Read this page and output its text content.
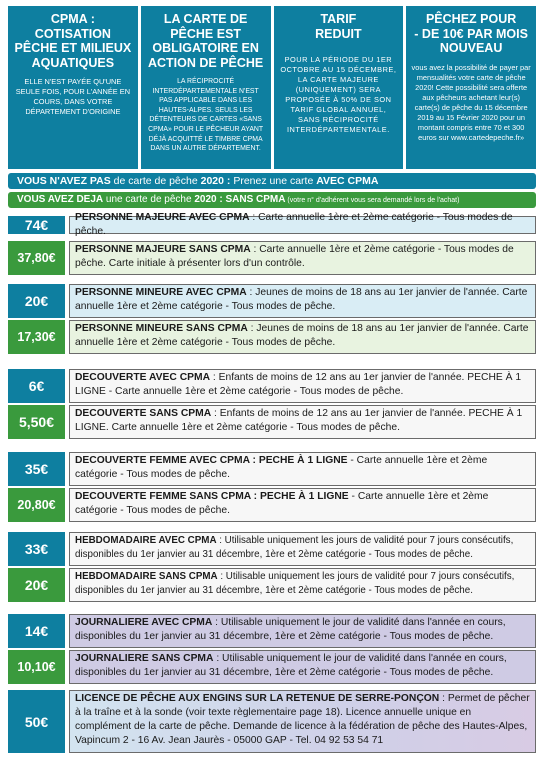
CPMA :
COTISATION
PÊCHE ET MILIEUX
AQUATIQUES

ELLE N'EST PAYÉE QU'UNE SEULE FOIS, POUR L'ANNÉE EN COURS, DANS VOTRE DÉPARTEMENT D'ORIGINE

LA CARTE DE
PÊCHE EST
OBLIGATOIRE EN
ACTION DE PÊCHE

LA RÉCIPROCITÉ INTERDÉPARTEMENTALE N'EST PAS APPLICABLE DANS LES HAUTES-ALPES. SEULS LES DÉTENTEURS DE CARTES «SANS CPMA» POUR LE PÊCHEUR AYANT DÉJÀ ACQUITTÉ LE TIMBRE CPMA DANS UN AUTRE DÉPARTEMENT.

TARIF
REDUIT

POUR LA PÉRIODE DU 1ER OCTOBRE AU 15 DÉCEMBRE, LA CARTE MAJEURE (UNIQUEMENT) SERA PROPOSÉE À 50% DE SON TARIF GLOBAL ANNUEL, SANS RÉCIPROCITÉ INTERDÉPARTEMENTALE.

PÊCHEZ POUR
- DE 10€ PAR MOIS
NOUVEAU

vous avez la possibilité de payer par mensualités votre carte de pêche 2020! Cette possibilité sera offerte aux pêcheurs achetant leur(s) carte(s) de pêche du 15 décembre 2019 au 15 Février 2020 pour un montant compris entre 70 et 300 euros sur www.cartedepeche.fr»

VOUS N'AVEZ PAS de carte de pêche 2020 : Prenez une carte AVEC CPMA
VOUS AVEZ DEJA une carte de pêche 2020 : SANS CPMA (votre n° d'adhérent vous sera demandé lors de l'achat)
74€	PERSONNE MAJEURE AVEC CPMA : Carte annuelle 1ère et 2ème catégorie - Tous modes de pêche.
37,80€
PERSONNE MAJEURE SANS CPMA : Carte annuelle 1ère et 2ème catégorie - Tous modes de pêche. Carte initiale à présenter lors d'un contrôle.
20€
PERSONNE MINEURE AVEC CPMA : Jeunes de moins de 18 ans au 1er janvier de l'année. Carte annuelle 1ère et 2ème catégorie - Tous modes de pêche.
17,30€
PERSONNE MINEURE SANS CPMA : Jeunes de moins de 18 ans au 1er janvier de l'année. Carte annuelle 1ère et 2ème catégorie - Tous modes de pêche.
6€
DECOUVERTE AVEC CPMA : Enfants de moins de 12 ans au 1er janvier de l'année. PECHE À 1 LIGNE - Carte annuelle 1ère et 2ème catégorie - Tous modes de pêche.
5,50€
DECOUVERTE SANS CPMA : Enfants de moins de 12 ans au 1er janvier de l'année. PECHE À 1 LIGNE. Carte annuelle 1ère et 2ème catégorie - Tous modes de pêche.
35€
DECOUVERTE FEMME AVEC CPMA : PECHE À 1 LIGNE - Carte annuelle 1ère et 2ème catégorie - Tous modes de pêche.
20,80€
DECOUVERTE FEMME SANS CPMA : PECHE À 1 LIGNE - Carte annuelle 1ère et 2ème catégorie - Tous modes de pêche.
33€
HEBDOMADAIRE AVEC CPMA : Utilisable uniquement les jours de validité pour 7 jours consécutifs, disponibles du 1er janvier au 31 décembre, 1ère et 2ème catégorie - Tous modes de pêche.
20€
HEBDOMADAIRE SANS CPMA : Utilisable uniquement les jours de validité pour 7 jours consécutifs, disponibles du 1er janvier au 31 décembre, 1ère et 2ème catégorie - Tous modes de pêche.
14€
JOURNALIERE AVEC CPMA : Utilisable uniquement le jour de validité dans l'année en cours, disponibles du 1er janvier au 31 décembre, 1ère et 2ème catégorie - Tous modes de pêche.
10,10€
JOURNALIERE SANS CPMA : Utilisable uniquement le jour de validité dans l'année en cours, disponibles du 1er janvier au 31 décembre, 1ère et 2ème catégorie - Tous modes de pêche.
50€
LICENCE DE PÊCHE AUX ENGINS SUR LA RETENUE DE SERRE-PONÇON : Permet de pêcher à la traîne et à la sonde (voir texte règlementaire page 18). Licence annuelle unique en complément de la carte de pêche. Demande de licence à la fédération de pêche des Hautes-Alpes, Vapincum 2 - 16 Av. Jean Jaurès - 05000 GAP - Tel. 04 92 53 54 71
